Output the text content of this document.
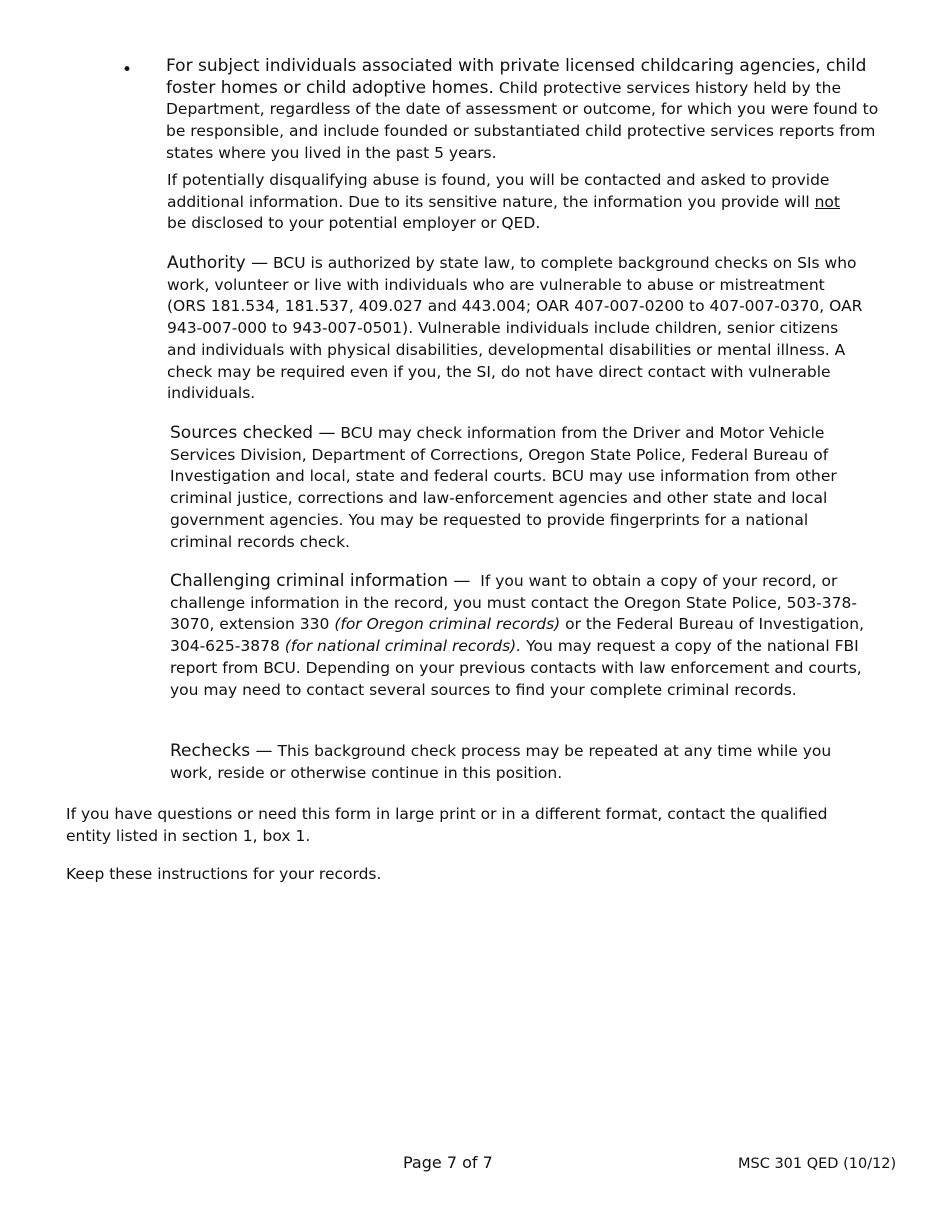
• For subject individuals associated with private licensed childcaring agencies, child foster homes or child adoptive homes. Child protective services history held by the Department, regardless of the date of assessment or outcome, for which you were found to be responsible, and include founded or substantiated child protective services reports from states where you lived in the past 5 years.
If potentially disqualifying abuse is found, you will be contacted and asked to provide additional information. Due to its sensitive nature, the information you provide will not be disclosed to your potential employer or QED.
Authority — BCU is authorized by state law, to complete background checks on SIs who work, volunteer or live with individuals who are vulnerable to abuse or mistreatment (ORS 181.534, 181.537, 409.027 and 443.004; OAR 407-007-0200 to 407-007-0370, OAR 943-007-000 to 943-007-0501). Vulnerable individuals include children, senior citizens and individuals with physical disabilities, developmental disabilities or mental illness. A check may be required even if you, the SI, do not have direct contact with vulnerable individuals.
Sources checked — BCU may check information from the Driver and Motor Vehicle Services Division, Department of Corrections, Oregon State Police, Federal Bureau of Investigation and local, state and federal courts. BCU may use information from other criminal justice, corrections and law-enforcement agencies and other state and local government agencies. You may be requested to provide fingerprints for a national criminal records check.
Challenging criminal information — If you want to obtain a copy of your record, or challenge information in the record, you must contact the Oregon State Police, 503-378-3070, extension 330 (for Oregon criminal records) or the Federal Bureau of Investigation, 304-625-3878 (for national criminal records). You may request a copy of the national FBI report from BCU. Depending on your previous contacts with law enforcement and courts, you may need to contact several sources to find your complete criminal records.
Rechecks — This background check process may be repeated at any time while you work, reside or otherwise continue in this position.
If you have questions or need this form in large print or in a different format, contact the qualified entity listed in section 1, box 1.
Keep these instructions for your records.
Page 7 of 7	MSC 301 QED (10/12)
